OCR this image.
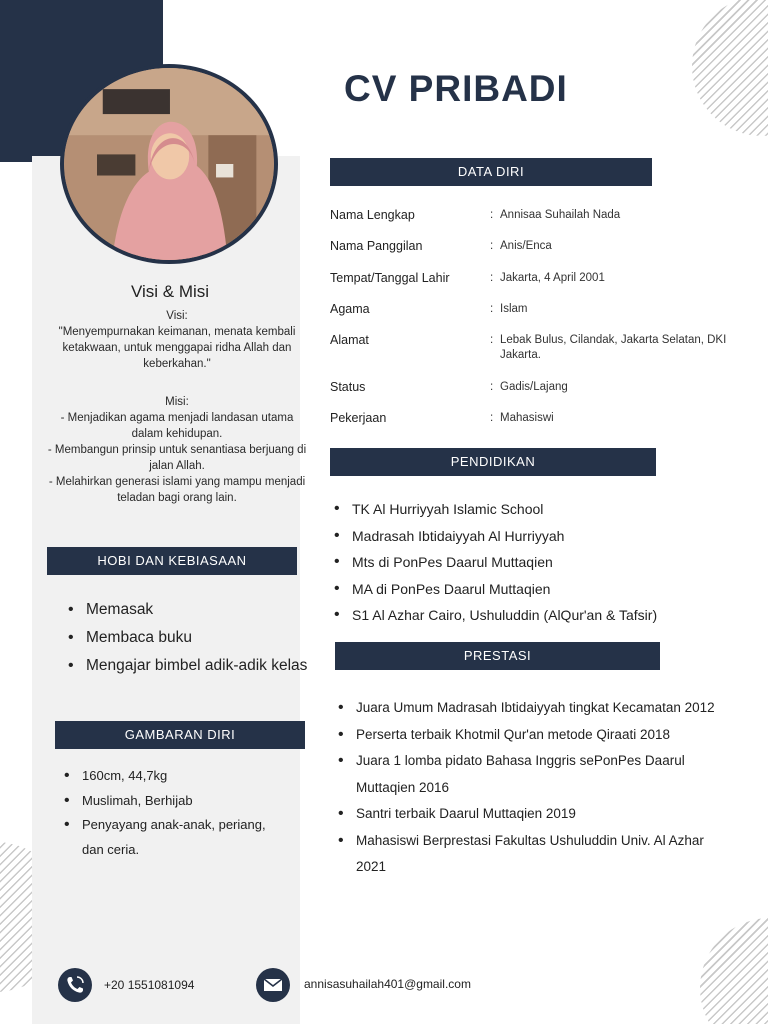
Visi & Misi
Visi:
"Menyempurnakan keimanan, menata kembali ketakwaan, untuk menggapai ridha Allah dan keberkahan."
Misi:
- Menjadikan agama menjadi landasan utama dalam kehidupan.
- Membangun prinsip untuk senantiasa berjuang di jalan Allah.
- Melahirkan generasi islami yang mampu menjadi teladan bagi orang lain.
HOBI DAN KEBIASAAN
• Memasak
• Membaca buku
• Mengajar bimbel adik-adik kelas
GAMBARAN DIRI
• 160cm, 44,7kg
• Muslimah, Berhijab
• Penyayang anak-anak, periang, dan ceria.
CV PRIBADI
DATA DIRI
Nama Lengkap	: Annisaa Suhailah Nada
Nama Panggilan	: Anis/Enca
Tempat/Tanggal Lahir	: Jakarta, 4 April 2001
Agama	: Islam
Alamat	: Lebak Bulus, Cilandak, Jakarta Selatan, DKI Jakarta.
Status	: Gadis/Lajang
Pekerjaan	: Mahasiswi
PENDIDIKAN
• TK Al Hurriyyah Islamic School
• Madrasah Ibtidaiyyah Al Hurriyyah
• Mts di PonPes Daarul Muttaqien
• MA di PonPes Daarul Muttaqien
• S1 Al Azhar Cairo, Ushuluddin (AlQur'an & Tafsir)
PRESTASI
• Juara Umum Madrasah Ibtidaiyyah tingkat Kecamatan 2012
• Perserta terbaik Khotmil Qur'an metode Qiraati 2018
• Juara 1 lomba pidato Bahasa Inggris sePonPes Daarul Muttaqien 2016
• Santri terbaik Daarul Muttaqien 2019
• Mahasiswi Berprestasi Fakultas Ushuluddin Univ. Al Azhar 2021
+20 1551081094	annisasuhailah401@gmail.com
